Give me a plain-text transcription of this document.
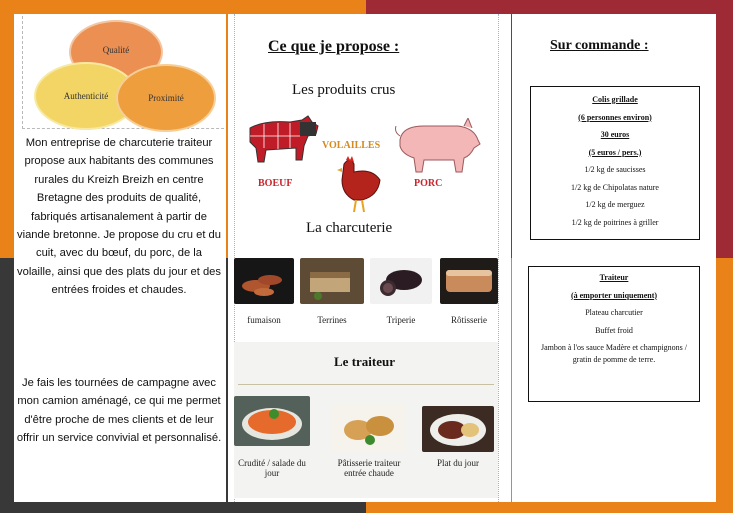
Qualité
Authenticité	Proximité
Mon entreprise de charcuterie traiteur propose aux habitants des communes rurales du Kreizh Breizh en centre Bretagne des produits de qualité, fabriqués artisanalement à partir de viande bretonne. Je propose du cru et du cuit, avec du bœuf, du porc, de la volaille, ainsi que des plats du jour et des entrées froides et chaudes.
Je fais les tournées de campagne avec mon camion aménagé, ce qui me permet d'être proche de mes clients et de leur offrir un service convivial et personnalisé.
Ce que je propose :
Les produits crus
BOEUF
VOLAILLES
PORC
La charcuterie
fumaison	Terrines	Triperie	Rôtisserie
Le traiteur
Crudité / salade du jour
Pâtisserie traiteur entrée chaude
Plat du jour
Sur commande :
Colis grillade
(6 personnes environ)
30 euros
(5 euros / pers.)
1/2 kg de saucisses
1/2 kg de Chipolatas nature
1/2 kg de merguez
1/2 kg de poitrines à griller
Traiteur
(à emporter uniquement)
Plateau charcutier
Buffet froid
Jambon à l'os sauce Madère et champignons / gratin de pomme de terre.
